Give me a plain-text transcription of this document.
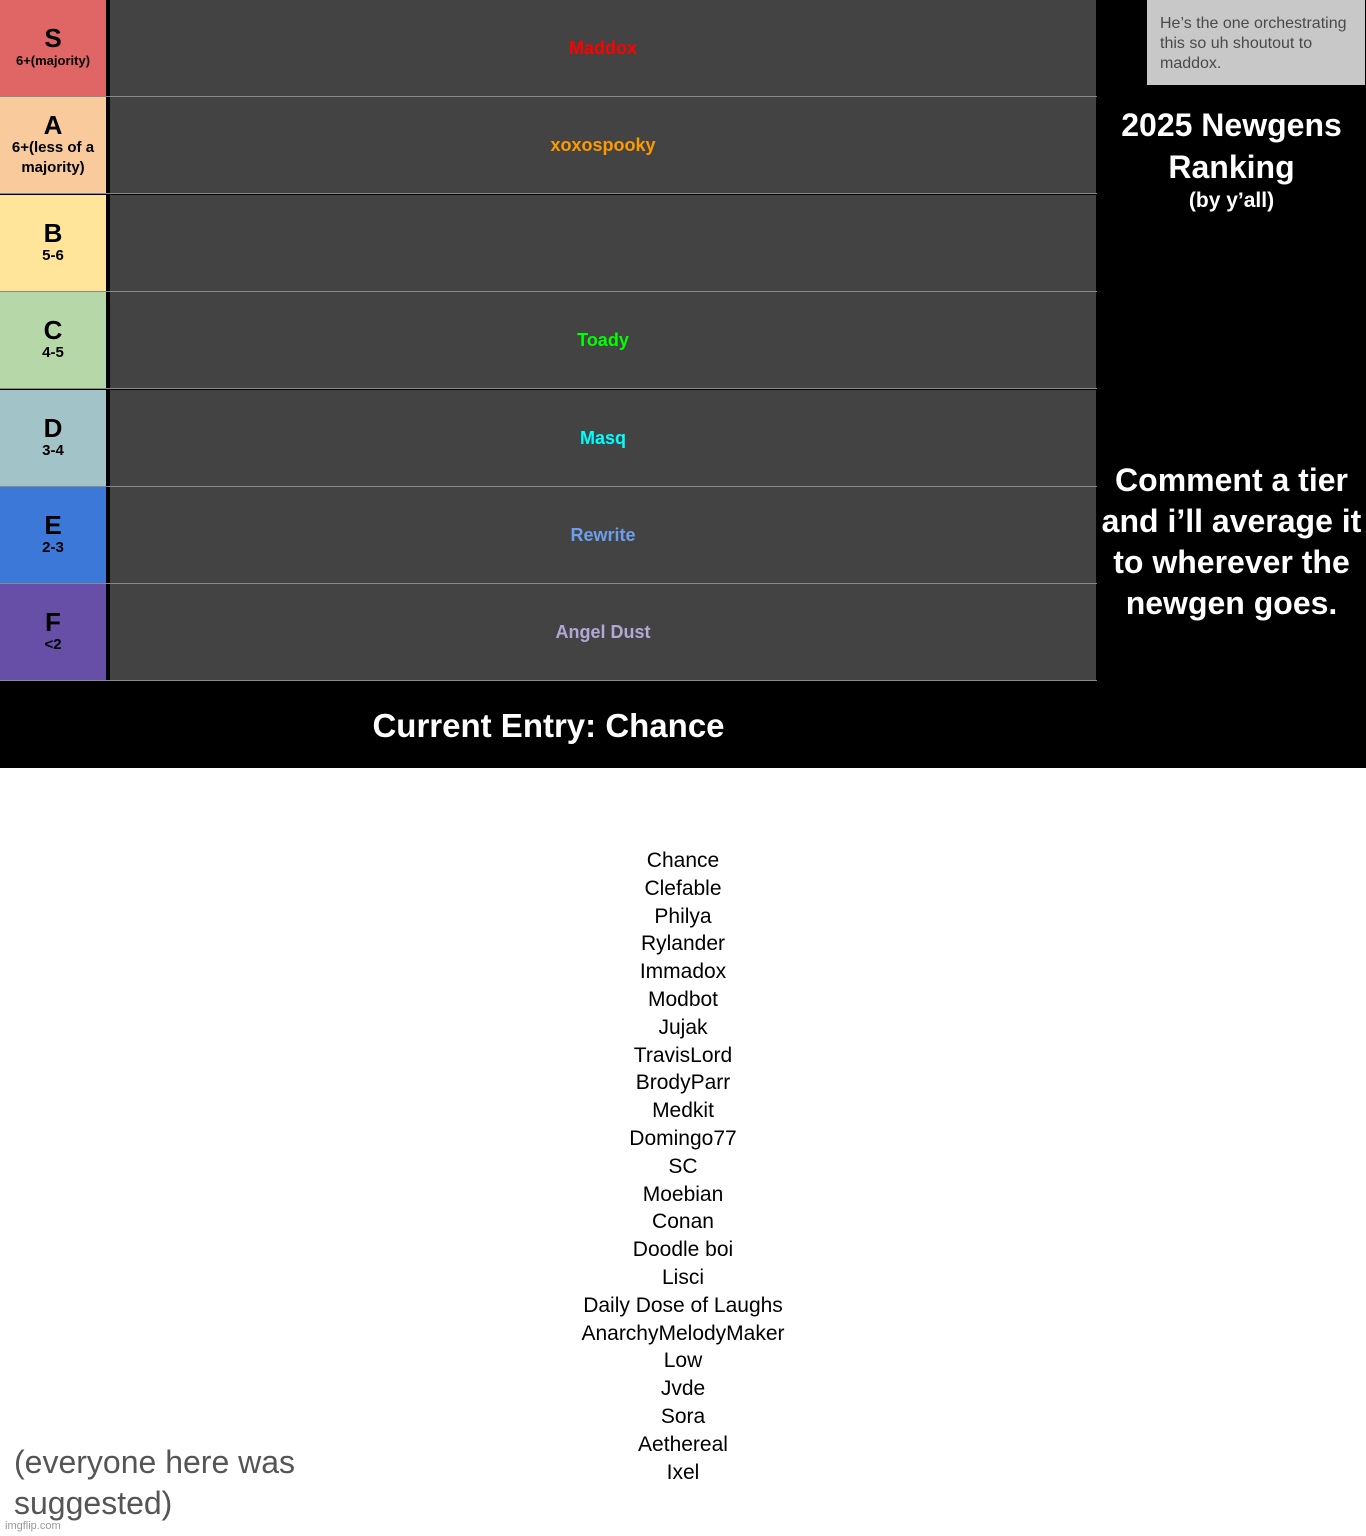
S
6+(majority)
Maddox
A
6+(less of a majority)
xoxospooky
B
5-6
C
4-5
Toady
D
3-4
Masq
E
2-3
Rewrite
F
<2
Angel Dust
Current Entry: Chance
He’s the one orchestrating this so uh shoutout to maddox.
2025 Newgens Ranking
(by y’all)
Comment a tier and i’ll average it to wherever the newgen goes.
Chance
Clefable
Philya
Rylander
Immadox
Modbot
Jujak
TravisLord
BrodyParr
Medkit
Domingo77
SC
Moebian
Conan
Doodle boi
Lisci
Daily Dose of Laughs
AnarchyMelodyMaker
Low
Jvde
Sora
Aethereal
Ixel
(everyone here was suggested)
imgflip.com
